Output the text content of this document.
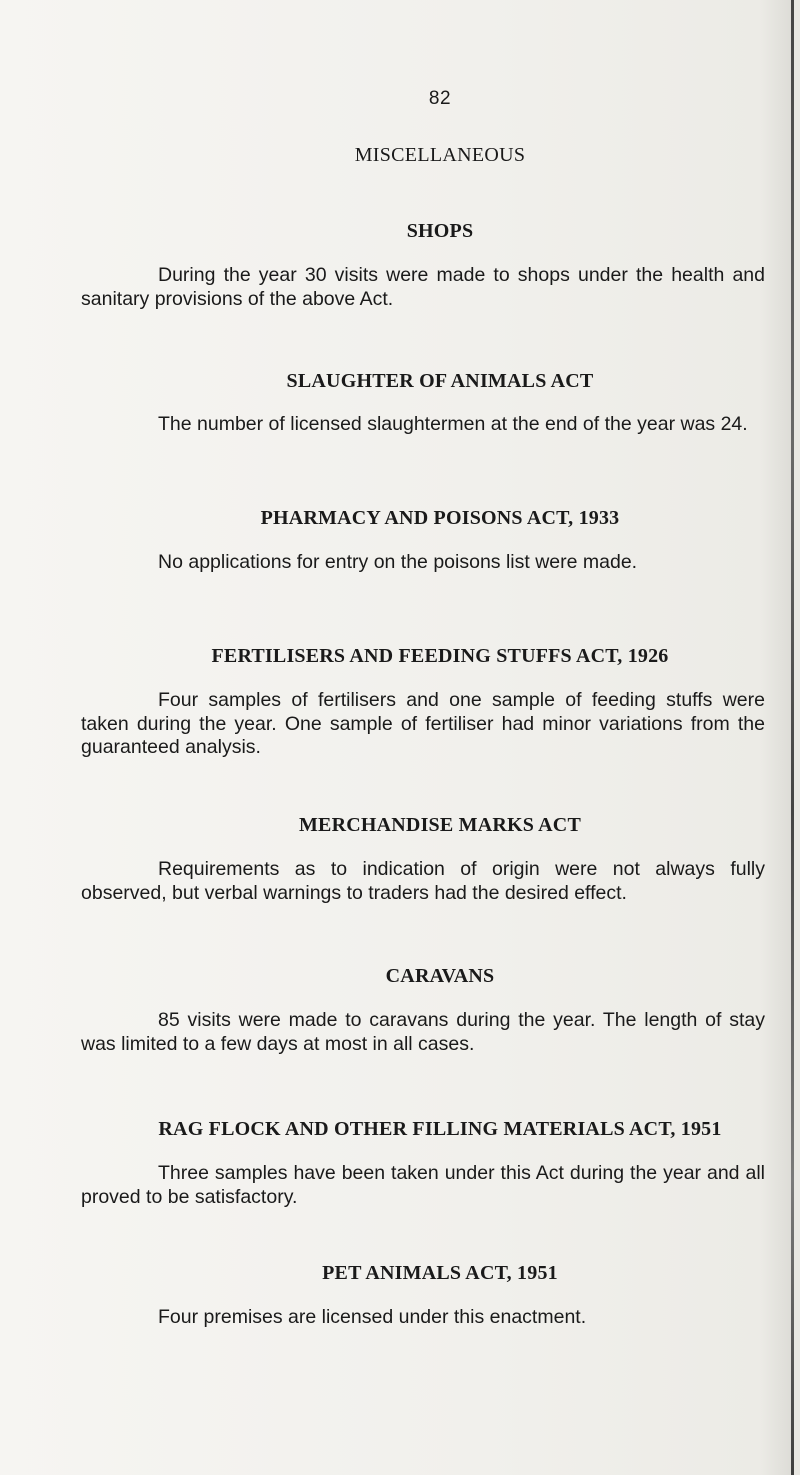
82
MISCELLANEOUS
SHOPS
During the year 30 visits were made to shops under the health and sanitary provisions of the above Act.
SLAUGHTER OF ANIMALS ACT
The number of licensed slaughtermen at the end of the year was 24.
PHARMACY AND POISONS ACT, 1933
No applications for entry on the poisons list were made.
FERTILISERS AND FEEDING STUFFS ACT, 1926
Four samples of fertilisers and one sample of feeding stuffs were taken during the year. One sample of fertiliser had minor variations from the guaranteed analysis.
MERCHANDISE MARKS ACT
Requirements as to indication of origin were not always fully observed, but verbal warnings to traders had the desired effect.
CARAVANS
85 visits were made to caravans during the year. The length of stay was limited to a few days at most in all cases.
RAG FLOCK AND OTHER FILLING MATERIALS ACT, 1951
Three samples have been taken under this Act during the year and all proved to be satisfactory.
PET ANIMALS ACT, 1951
Four premises are licensed under this enactment.
